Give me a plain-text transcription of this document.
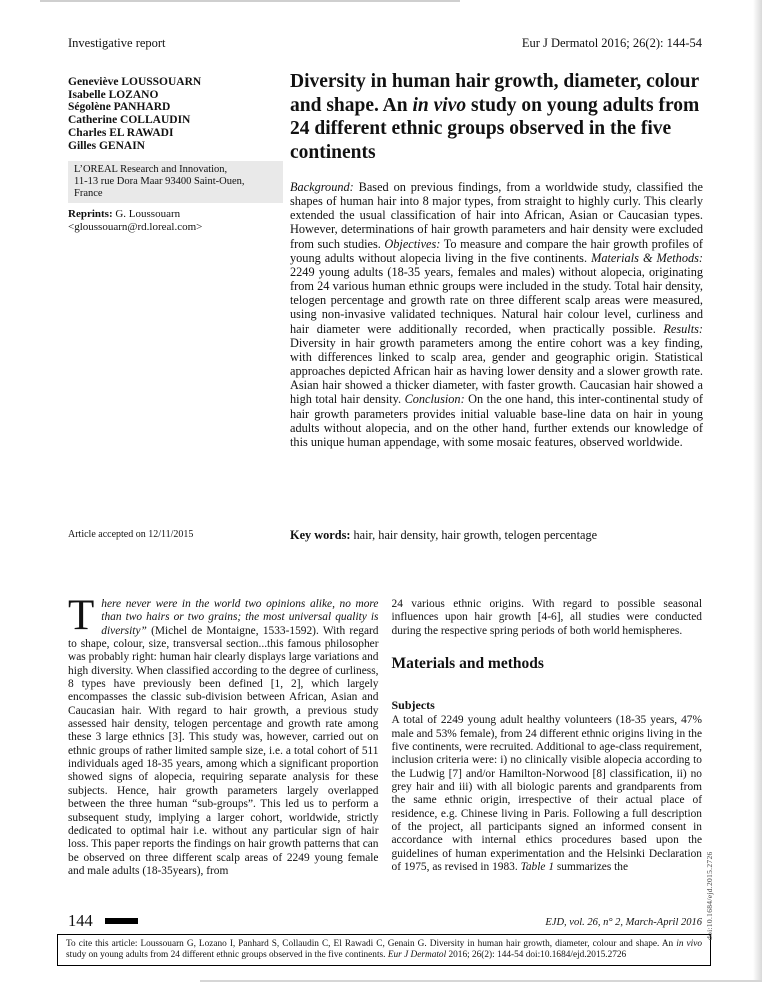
Investigative report	Eur J Dermatol 2016; 26(2): 144-54
Geneviève LOUSSOUARN
Isabelle LOZANO
Ségolène PANHARD
Catherine COLLAUDIN
Charles EL RAWADI
Gilles GENAIN
L’OREAL Research and Innovation,
11-13 rue Dora Maar 93400 Saint-Ouen,
France
Reprints: G. Loussouarn
<gloussouarn@rd.loreal.com>
Article accepted on 12/11/2015
Diversity in human hair growth, diameter, colour and shape. An in vivo study on young adults from 24 different ethnic groups observed in the five continents
Background: Based on previous findings, from a worldwide study, classified the shapes of human hair into 8 major types, from straight to highly curly. This clearly extended the usual classification of hair into African, Asian or Caucasian types. However, determinations of hair growth parameters and hair density were excluded from such studies. Objectives: To measure and compare the hair growth profiles of young adults without alopecia living in the five continents. Materials & Methods: 2249 young adults (18-35 years, females and males) without alopecia, originating from 24 various human ethnic groups were included in the study. Total hair density, telogen percentage and growth rate on three different scalp areas were measured, using non-invasive validated techniques. Natural hair colour level, curliness and hair diameter were additionally recorded, when practically possible. Results: Diversity in hair growth parameters among the entire cohort was a key finding, with differences linked to scalp area, gender and geographic origin. Statistical approaches depicted African hair as having lower density and a slower growth rate. Asian hair showed a thicker diameter, with faster growth. Caucasian hair showed a high total hair density. Conclusion: On the one hand, this inter-continental study of hair growth parameters provides initial valuable base-line data on hair in young adults without alopecia, and on the other hand, further extends our knowledge of this unique human appendage, with some mosaic features, observed worldwide.
Key words: hair, hair density, hair growth, telogen percentage

There never were in the world two opinions alike, no more than two hairs or two grains; the most universal quality is diversity” (Michel de Montaigne, 1533-1592). With regard to shape, colour, size, transversal section...this famous philosopher was probably right: human hair clearly displays large variations and high diversity. When classified according to the degree of curliness, 8 types have previously been defined [1, 2], which largely encompasses the classic sub-division between African, Asian and Caucasian hair. With regard to hair growth, a previous study assessed hair density, telogen percentage and growth rate among these 3 large ethnics [3]. This study was, however, carried out on ethnic groups of rather limited sample size, i.e. a total cohort of 511 individuals aged 18-35 years, among which a significant proportion showed signs of alopecia, requiring separate analysis for these subjects. Hence, hair growth parameters largely overlapped between the three human “sub-groups”. This led us to perform a subsequent study, implying a larger cohort, worldwide, strictly dedicated to optimal hair i.e. without any particular sign of hair loss. This paper reports the findings on hair growth patterns that can be observed on three different scalp areas of 2249 young female and male adults (18-35years), from

24 various ethnic origins. With regard to possible seasonal influences upon hair growth [4-6], all studies were conducted during the respective spring periods of both world hemispheres.

Materials and methods
Subjects

A total of 2249 young adult healthy volunteers (18-35 years, 47% male and 53% female), from 24 different ethnic origins living in the five continents, were recruited. Additional to age-class requirement, inclusion criteria were: i) no clinically visible alopecia according to the Ludwig [7] and/or Hamilton-Norwood [8] classification, ii) no grey hair and iii) with all biologic parents and grandparents from the same ethnic origin, irrespective of their actual place of residence, e.g. Chinese living in Paris. Following a full description of the project, all participants signed an informed consent in accordance with internal ethics procedures based upon the guidelines of human experimentation and the Helsinki Declaration of 1975, as revised in 1983. Table 1 summarizes the

144	EJD, vol. 26, n° 2, March-April 2016
To cite this article: Loussouarn G, Lozano I, Panhard S, Collaudin C, El Rawadi C, Genain G. Diversity in human hair growth, diameter, colour and shape. An in vivo study on young adults from 24 different ethnic groups observed in the five continents. Eur J Dermatol 2016; 26(2): 144-54 doi:10.1684/ejd.2015.2726
doi:10.1684/ejd.2015.2726
